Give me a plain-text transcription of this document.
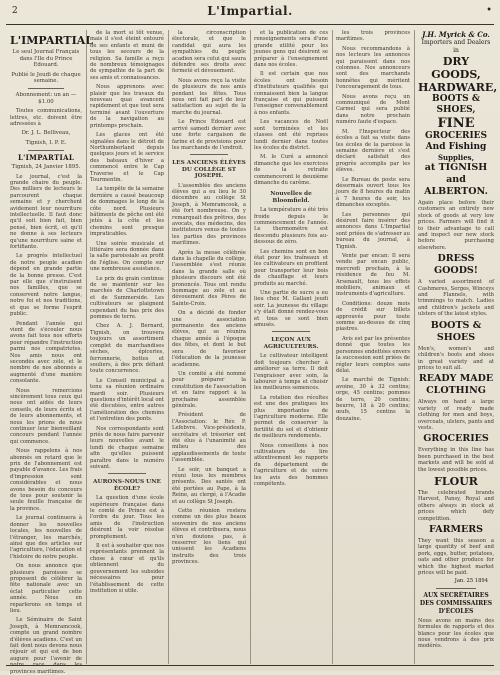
2	L'Impartial.	•
L'IMPARTIAL
Le seul Journal Français dans l'Ile du Prince Edouard.
Publié le Jeudi de chaque semaine.
Abonnement: un an — $1.00

Toutes communications, lettres, etc. doivent être adressées à

Dr. J. L. Belliveau,
Tignish, I. P. E.
L'IMPARTIAL
Tignish, 24 Janvier 1895.

Le journal, c'est la grande chaire du peuple. Des milliers de lecteurs le parcourent chaque semaine et y cherchent avidement leur nourriture intellectuelle. Il faut donc qu'il soit bien fait, bien pensé, bien écrit, et qu'il ne donne à ses lecteurs qu'une nourriture saine et fortifiante.

Le progrès intellectuel de notre peuple acadien dépend en grande partie de la bonne presse. C'est par elle que s'instruisent nos familles, que se conservent notre langue, notre foi et nos traditions, et que se forme l'esprit public.

Pendant l'année qui vient de s'écouler nous avons fait tous nos efforts pour répandre l'instruction parmi nos compatriotes. Nos amis nous ont secondés avec zèle, et le nombre de nos abonnés a augmenté d'une manière consolante.

Nous remercions sincèrement tous ceux qui nous ont aidés de leurs conseils, de leurs écrits et de leurs abonnements, et nous les prions de nous continuer leur bienveillant concours pendant l'année qui commence.

Nous rappelons à nos abonnés en retard que le prix de l'abonnement est payable d'avance. Les frais d'impression sont considérables et nous avons besoin du concours de tous pour soutenir la seule feuille française de la province.

Le journal continuera à donner les nouvelles locales, les nouvelles de l'étranger, les marchés, ainsi que des articles sur l'agriculture, l'éducation et l'histoire de notre peuple.

On nous annonce que plusieurs paroisses se proposent de célébrer la fête nationale avec un éclat particulier cette année. Nous en reparlerons en temps et lieu.

Le Séminaire de Saint Joseph, à Memramcook, compte un grand nombre d'élèves acadiens. C'est un fait dont nous devons nous réjouir et qui est de bon augure pour l'avenir de notre race dans les provinces maritimes.

de la mort si tôt venue, mais il s'est éteint entouré de ses enfants et muni de tous les secours de la religion. Sa famille a reçu de nombreux témoignages de sympathie de la part de ses amis et connaissances.

Nous apprenons avec plaisir que les travaux du nouveau quai avancent rapidement et que tout sera terminé avant l'ouverture de la navigation au printemps prochain.

Les glaces ont été signalées dans le détroit de Northumberland depuis quelques jours et le service des bateaux d'hiver a commencé entre le Cap Traverse et le Cap Tourmentin.

La tempête de la semaine dernière a causé beaucoup de dommages le long de la côte nord. Plusieurs bâtiments de pêche ont été jetés à la côte et les chemins sont presque impraticables.

Une soirée musicale et littéraire sera donnée dans la salle paroissiale au profit de l'église. On compte sur une nombreuse assistance.

Le prix du grain continue de se maintenir sur les marchés de Charlottetown et de Summerside. Les cultivateurs se plaignent cependant du bas prix des pommes de terre.

Chez A. J. Bernard, Tignish, on trouvera toujours un assortiment complet de marchandises sèches, épiceries, ferronnerie, bottes et souliers, à des prix défiant toute concurrence.

Le Conseil municipal a tenu sa réunion ordinaire mardi soir. Plusieurs questions d'intérêt local ont été discutées, entre autres l'amélioration des chemins et l'entretien des ponts.

Nos correspondants sont priés de nous faire parvenir leurs nouvelles avant le lundi de chaque semaine afin qu'elles puissent paraître dans le numéro suivant.

AURONS-NOUS UNE ÉCOLE?

La question d'une école supérieure française dans le comté de Prince est à l'ordre du jour. Tous les amis de l'instruction désirent la voir résolue promptement.

Il est à souhaiter que nos représentants prennent la chose à cœur et qu'ils obtiennent du gouvernement les subsides nécessaires pour l'établissement de cette institution si utile.

la circonscription électorale, et que le candidat qui aura les sympathies du peuple acadien sera celui qui saura défendre ses droits avec fermeté et dévouement.

Nous avons reçu la visite de plusieurs de nos amis pendant les fêtes. Tous nous ont fait part de leur satisfaction au sujet de la marche du journal.

Le Prince Édouard est arrivé samedi dernier avec une forte cargaison de farine et de provisions pour les marchands de l'endroit.

LES ANCIENS ÉLÈVES DU COLLÈGE ST JOSEPH.

L'assemblée des anciens élèves qui a eu lieu le 30 décembre au collège St Joseph, à Memramcook, a été fort nombreuse. On y remarquait des prêtres, des avocats, des médecins, des instituteurs venus de toutes les parties des provinces maritimes.

Après la messe célébrée dans la chapelle du collège, l'assemblée s'est réunie dans la grande salle où plusieurs discours ont été prononcés. Tous ont rendu hommage au zèle et au dévouement des Pères de Sainte-Croix.

On a décidé de fonder une association permanente des anciens élèves, qui se réunira chaque année à l'époque des fêtes, et dont le but sera de favoriser l'éducation de la jeunesse acadienne.

Un comité a été nommé pour préparer la constitution de l'association et en faire rapport à la prochaine assemblée générale.

Président de l'Association: le Rév. P. Lefebvre. Vice-présidents, secrétaire et trésorier ont été élus à l'unanimité au milieu des applaudissements de toute l'assemblée.

Le soir, un banquet a réuni tous les membres présents. Des santés ont été portées au Pape, à la Reine, au clergé, à l'Acadie et au collège St Joseph.

Cette réunion restera comme un des plus beaux souvenirs de nos anciens élèves et contribuera, nous n'en doutons pas, à resserrer les liens qui unissent les Acadiens instruits des trois provinces.

et la publication de ces renseignements sera d'une grande utilité pour les jeunes gens qui désirent se préparer à l'enseignement dans nos écoles.

Il est certain que nos écoles ont besoin d'instituteurs qualifiés qui connaissent bien la langue française et qui puissent l'enseigner convenablement à nos enfants.

Les vacances de Noël sont terminées et les classes ont été reprises lundi dernier dans toutes les écoles du district.

M. le Curé a annoncé dimanche que les exercices de la retraite commenceront le deuxième dimanche du carême.

Nouvelles de Bloomfield.

La température a été très froide depuis le commencement de l'année. Le thermomètre est descendu plusieurs fois au-dessous de zéro.

Les chemins sont en bon état pour les traîneaux et les cultivateurs en profitent pour transporter leur bois de chauffage et leurs produits au marché.

Une partie de sucre a eu lieu chez M. Gallant jeudi soir. La jeunesse du village s'y était donné rendez-vous et tous se sont bien amusés.

LEÇON AUX AGRICULTEURS.

Le cultivateur intelligent doit toujours chercher à améliorer sa terre. Il doit l'engraisser avec soin, la labourer à temps et choisir les meilleures semences.

La rotation des récoltes est une des pratiques les plus importantes de l'agriculture moderne. Elle permet de conserver la fertilité du sol et d'obtenir de meilleurs rendements.

Nous conseillons à nos cultivateurs de lire attentivement les rapports du département de l'agriculture et de suivre les avis des hommes compétents.

les trois provinces maritimes.

Nous recommandons à nos lecteurs les annonces qui paraissent dans nos colonnes. Nos annonceurs sont des marchands honnêtes qui méritent l'encouragement de tous.

Nous avons reçu un communiqué de Mont Carmel qui sera publié dans notre prochain numéro faute d'espace.

M. l'Inspecteur des écoles a fait sa visite dans les écoles de la paroisse la semaine dernière et s'est déclaré satisfait des progrès accomplis par les élèves.

Le Bureau de poste sera désormais ouvert tous les jours de 8 heures du matin à 7 heures du soir, les dimanches exceptés.

Les personnes qui désirent faire insérer des annonces dans L'Impartial sont priées de s'adresser au bureau du journal, à Tignish.

Vente par encan: Il sera vendu par encan public, mercredi prochain, à la résidence de feu M. Arsenault, tous les effets mobiliers, animaux et instruments d'agriculture.

Conditions: douze mois de crédit sur billets approuvés pour toute somme au-dessus de cinq piastres.

Avis est par les présentes donné que toutes les personnes endettées envers la succession sont priées de régler leurs comptes sans délai.

Le marché de Tignish: avoine, 30 à 32 centins; orge, 45 centins; pommes de terre, 20 centins; beurre, 18 à 20 centins; œufs, 15 centins la douzaine.

J.H. Myrick & Co.
Importers and Dealers in
DRY GOODS,
HARDWARE,
BOOTS & SHOES,
FINE
GROCERIES
And Fishing
Supplies,
at TIGNISH and
ALBERTON.
Again place before their customers an entirely new stock of goods at very low prices. Farmers will find it to their advantage to call and inspect our new stock before purchasing elsewhere.
DRESS GOODS!
A varied assortment of Cashmeres, Serges, Winceys and Flannels, with trimmings to match. Ladies and children's jackets and ulsters of the latest styles.
BOOTS & SHOES
Men's, women's and children's boots and shoes in great variety and at prices to suit all.
READY MADE CLOTHING
Always on hand a large variety of ready made clothing for men and boys, overcoats, ulsters, pants and vests.
GROCERIES
Everything in this line has been purchased in the best markets and will be sold at the lowest possible prices.
FLOUR
The celebrated brands Harvest, Pansy, Royal and others always in stock at prices which defy competition.
FARMERS
They want this season a large quantity of beef and pork, eggs, butter, potatoes, oats and other produce for which the highest market prices will be paid.
Jan. 25 1894
AUX SECRÉTAIRES DES COMMISSAIRES D'ÉCOLES
Nous avons en mains des formules de rapports et des blancs pour les écoles que nous vendrons à des prix modérés.
